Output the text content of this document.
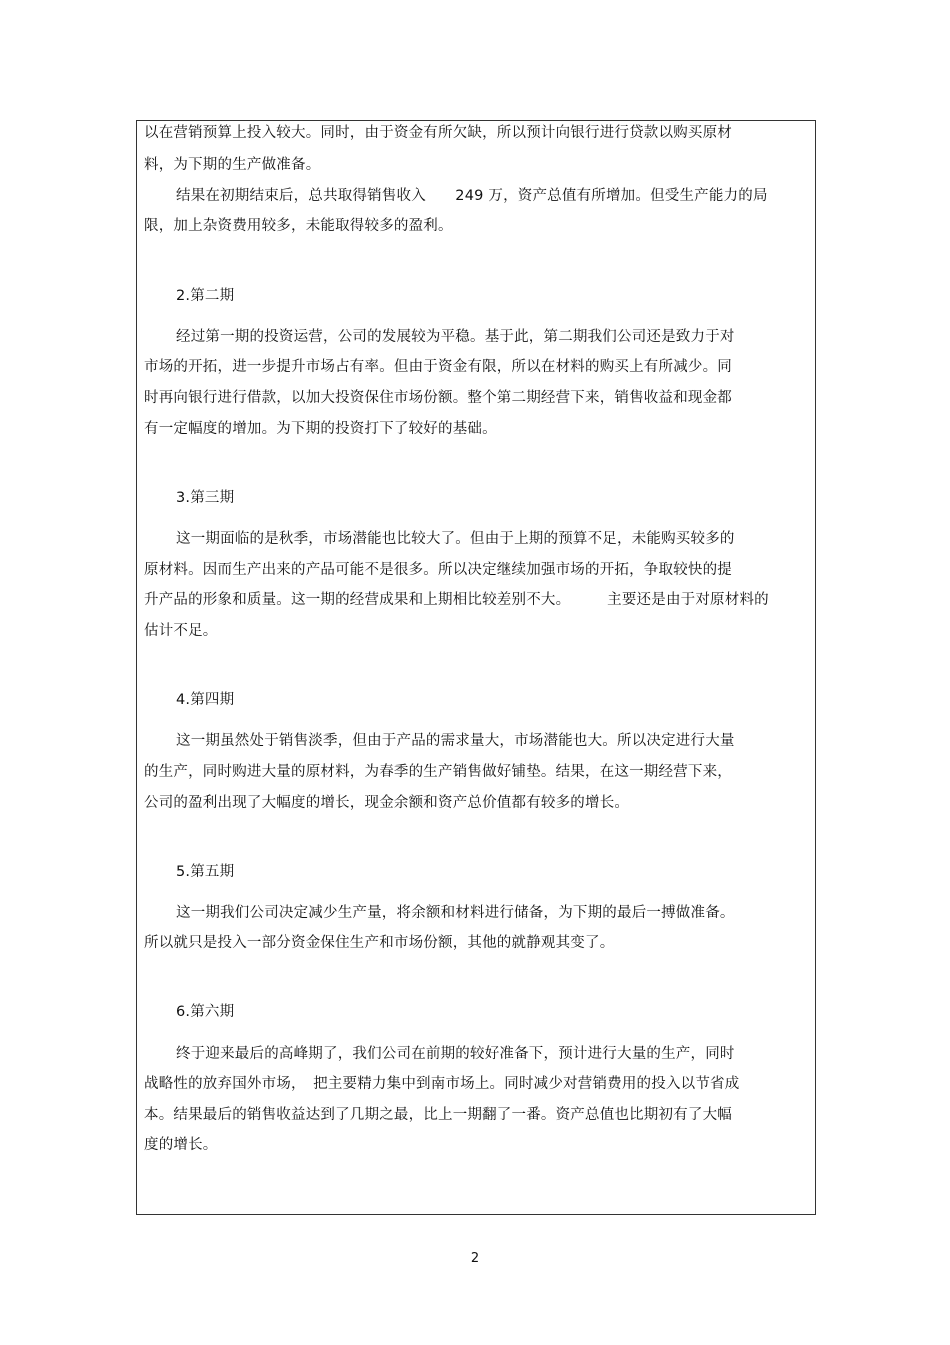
以在营销预算上投入较大。同时，由于资金有所欠缺，所以预计向银行进行贷款以购买原材
料，为下期的生产做准备。
结果在初期结束后，总共取得销售收入　　249 万，资产总值有所增加。但受生产能力的局
限，加上杂资费用较多，未能取得较多的盈利。
2.第二期
经过第一期的投资运营，公司的发展较为平稳。基于此，第二期我们公司还是致力于对
市场的开拓，进一步提升市场占有率。但由于资金有限，所以在材料的购买上有所减少。同
时再向银行进行借款，以加大投资保住市场份额。整个第二期经营下来，销售收益和现金都
有一定幅度的增加。为下期的投资打下了较好的基础。
3.第三期
这一期面临的是秋季，市场潜能也比较大了。但由于上期的预算不足，未能购买较多的
原材料。因而生产出来的产品可能不是很多。所以决定继续加强市场的开拓，争取较快的提
升产品的形象和质量。这一期的经营成果和上期相比较差别不大。　　　主要还是由于对原材料的
估计不足。
4.第四期
这一期虽然处于销售淡季，但由于产品的需求量大，市场潜能也大。所以决定进行大量
的生产，同时购进大量的原材料，为春季的生产销售做好铺垫。结果，在这一期经营下来，
公司的盈利出现了大幅度的增长，现金余额和资产总价值都有较多的增长。
5.第五期
这一期我们公司决定减少生产量，将余额和材料进行储备，为下期的最后一搏做准备。
所以就只是投入一部分资金保住生产和市场份额，其他的就静观其变了。
6.第六期
终于迎来最后的高峰期了，我们公司在前期的较好准备下，预计进行大量的生产，同时
战略性的放弃国外市场，　把主要精力集中到南市场上。同时减少对营销费用的投入以节省成
本。结果最后的销售收益达到了几期之最，比上一期翻了一番。资产总值也比期初有了大幅
度的增长。
2
